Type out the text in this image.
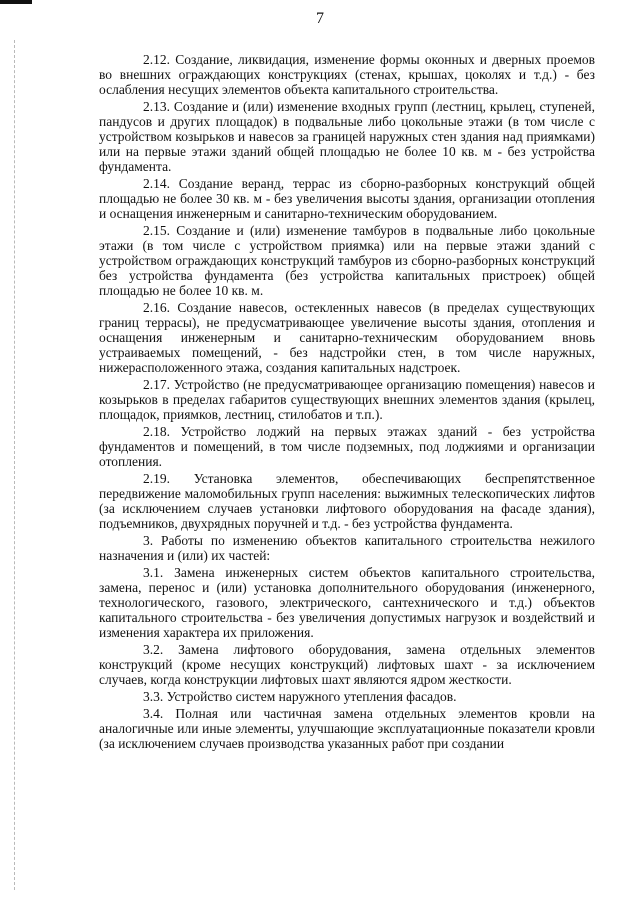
7

2.12. Создание, ликвидация, изменение формы оконных и дверных проемов во внешних ограждающих конструкциях (стенах, крышах, цоколях и т.д.) - без ослабления несущих элементов объекта капитального строительства.

2.13. Создание и (или) изменение входных групп (лестниц, крылец, ступеней, пандусов и других площадок) в подвальные либо цокольные этажи (в том числе с устройством козырьков и навесов за границей наружных стен здания над приямками) или на первые этажи зданий общей площадью не более 10 кв. м - без устройства фундамента.

2.14. Создание веранд, террас из сборно-разборных конструкций общей площадью не более 30 кв. м - без увеличения высоты здания, организации отопления и оснащения инженерным и санитарно-техническим оборудованием.

2.15. Создание и (или) изменение тамбуров в подвальные либо цокольные этажи (в том числе с устройством приямка) или на первые этажи зданий с устройством ограждающих конструкций тамбуров из сборно-разборных конструкций без устройства фундамента (без устройства капитальных пристроек) общей площадью не более 10 кв. м.

2.16. Создание навесов, остекленных навесов (в пределах существующих границ террасы), не предусматривающее увеличение высоты здания, отопления и оснащения инженерным и санитарно-техническим оборудованием вновь устраиваемых помещений, - без надстройки стен, в том числе наружных, нижерасположенного этажа, создания капитальных надстроек.

2.17. Устройство (не предусматривающее организацию помещения) навесов и козырьков в пределах габаритов существующих внешних элементов здания (крылец, площадок, приямков, лестниц, стилобатов и т.п.).

2.18. Устройство лоджий на первых этажах зданий - без устройства фундаментов и помещений, в том числе подземных, под лоджиями и организации отопления.

2.19. Установка элементов, обеспечивающих беспрепятственное передвижение маломобильных групп населения: выжимных телескопических лифтов (за исключением случаев установки лифтового оборудования на фасаде здания), подъемников, двухрядных поручней и т.д. - без устройства фундамента.

3. Работы по изменению объектов капитального строительства нежилого назначения и (или) их частей:

3.1. Замена инженерных систем объектов капитального строительства, замена, перенос и (или) установка дополнительного оборудования (инженерного, технологического, газового, электрического, сантехнического и т.д.) объектов капитального строительства - без увеличения допустимых нагрузок и воздействий и изменения характера их приложения.

3.2. Замена лифтового оборудования, замена отдельных элементов конструкций (кроме несущих конструкций) лифтовых шахт - за исключением случаев, когда конструкции лифтовых шахт являются ядром жесткости.

3.3. Устройство систем наружного утепления фасадов.

3.4. Полная или частичная замена отдельных элементов кровли на аналогичные или иные элементы, улучшающие эксплуатационные показатели кровли (за исключением случаев производства указанных работ при создании
